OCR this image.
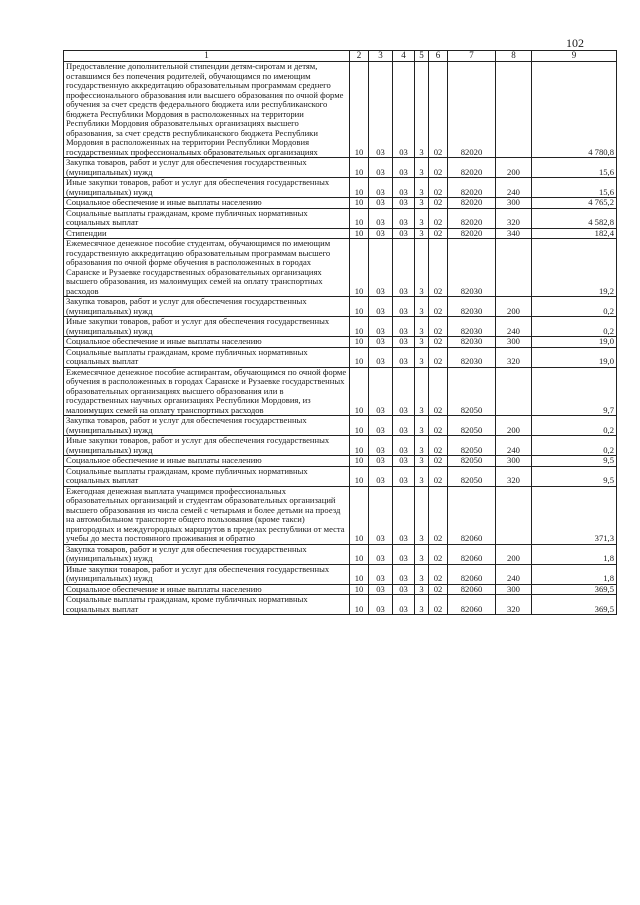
102
1	2	3	4	5	6	7	8	9
Предоставление дополнительной стипендии детям-сиротам и детям, оставшимся без попечения родителей, обучающимся по имеющим государственную аккредитацию образовательным программам среднего профессионального образования или высшего образования по очной форме обучения за счет средств федерального бюджета или республиканского бюджета Республики Мордовия в расположенных на территории Республики Мордовия образовательных организациях высшего образования, за счет средств республиканского бюджета Республики Мордовия в расположенных на территории Республики Мордовия государственных профессиональных образовательных организациях	10	03	03	3	02	82020		4 780,8
Закупка товаров, работ и услуг для обеспечения государственных (муниципальных) нужд	10	03	03	3	02	82020	200	15,6
Иные закупки товаров, работ и услуг для обеспечения государственных (муниципальных) нужд	10	03	03	3	02	82020	240	15,6
Социальное обеспечение и иные выплаты населению	10	03	03	3	02	82020	300	4 765,2
Социальные выплаты гражданам, кроме публичных нормативных социальных выплат	10	03	03	3	02	82020	320	4 582,8
Стипендии	10	03	03	3	02	82020	340	182,4
Ежемесячное денежное пособие студентам, обучающимся по имеющим государственную аккредитацию образовательным программам высшего образования по очной форме обучения в расположенных в городах Саранске и Рузаевке государственных образовательных организациях высшего образования, из малоимущих семей на оплату транспортных расходов	10	03	03	3	02	82030		19,2
Закупка товаров, работ и услуг для обеспечения государственных (муниципальных) нужд	10	03	03	3	02	82030	200	0,2
Иные закупки товаров, работ и услуг для обеспечения государственных (муниципальных) нужд	10	03	03	3	02	82030	240	0,2
Социальное обеспечение и иные выплаты населению	10	03	03	3	02	82030	300	19,0
Социальные выплаты гражданам, кроме публичных нормативных социальных выплат	10	03	03	3	02	82030	320	19,0
Ежемесячное денежное пособие аспирантам, обучающимся по очной форме обучения в расположенных в городах Саранске и Рузаевке государственных образовательных организациях высшего образования или в государственных научных организациях Республики Мордовия, из малоимущих семей на оплату транспортных расходов	10	03	03	3	02	82050		9,7
Закупка товаров, работ и услуг для обеспечения государственных (муниципальных) нужд	10	03	03	3	02	82050	200	0,2
Иные закупки товаров, работ и услуг для обеспечения государственных (муниципальных) нужд	10	03	03	3	02	82050	240	0,2
Социальное обеспечение и иные выплаты населению	10	03	03	3	02	82050	300	9,5
Социальные выплаты гражданам, кроме публичных нормативных социальных выплат	10	03	03	3	02	82050	320	9,5
Ежегодная денежная выплата учащимся профессиональных образовательных организаций и студентам образовательных организаций высшего образования из числа семей с четырьмя и более детьми на проезд на автомобильном транспорте общего пользования (кроме такси) пригородных и междугородных маршрутов в пределах республики от места учебы до места постоянного проживания и обратно	10	03	03	3	02	82060		371,3
Закупка товаров, работ и услуг для обеспечения государственных (муниципальных) нужд	10	03	03	3	02	82060	200	1,8
Иные закупки товаров, работ и услуг для обеспечения государственных (муниципальных) нужд	10	03	03	3	02	82060	240	1,8
Социальное обеспечение и иные выплаты населению	10	03	03	3	02	82060	300	369,5
Социальные выплаты гражданам, кроме публичных нормативных социальных выплат	10	03	03	3	02	82060	320	369,5
